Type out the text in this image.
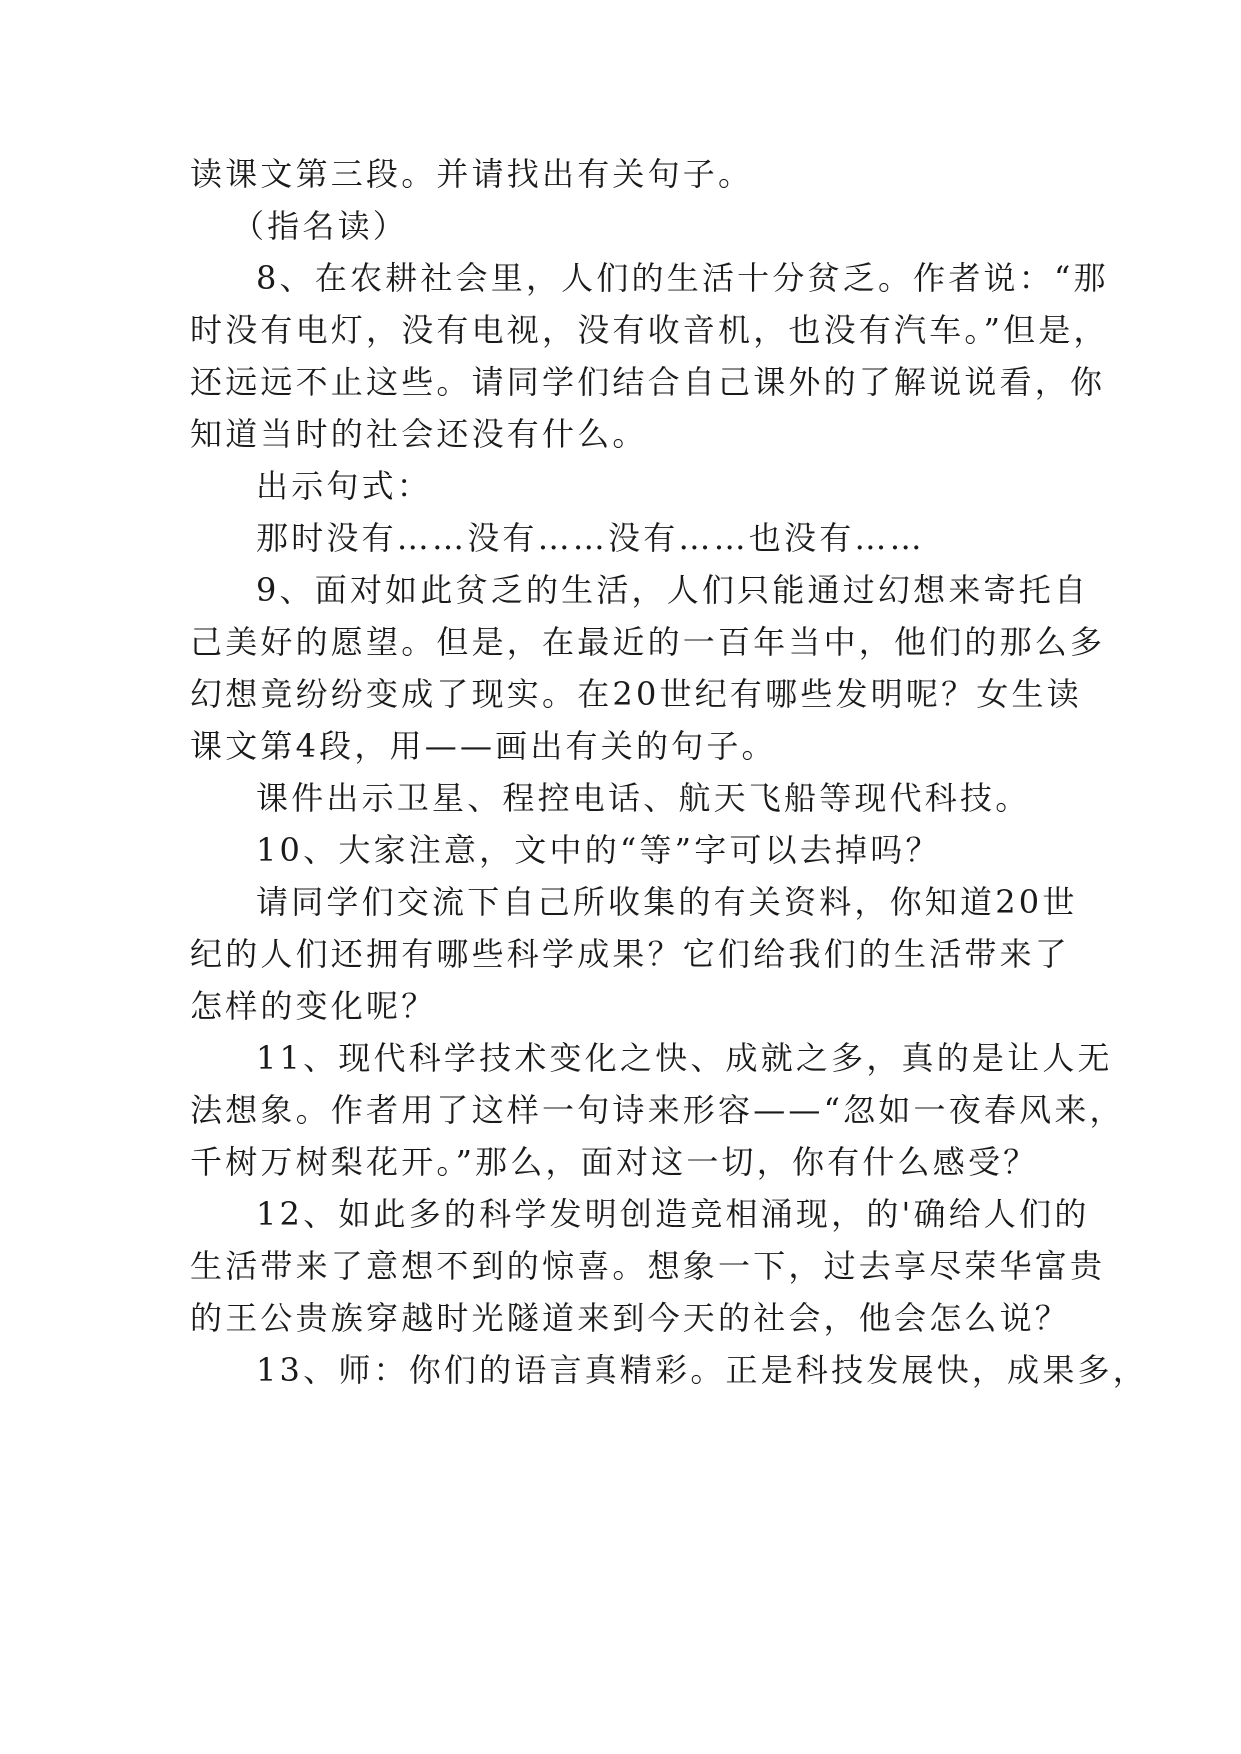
读课文第三段。并请找出有关句子。
（指名读）
8、在农耕社会里，人们的生活十分贫乏。作者说：“那
时没有电灯，没有电视，没有收音机，也没有汽车。”但是，
还远远不止这些。请同学们结合自己课外的了解说说看，你
知道当时的社会还没有什么。
出示句式：
那时没有……没有……没有……也没有……
9、面对如此贫乏的生活，人们只能通过幻想来寄托自
己美好的愿望。但是，在最近的一百年当中，他们的那么多
幻想竟纷纷变成了现实。在20世纪有哪些发明呢？女生读
课文第4段，用——画出有关的句子。
课件出示卫星、程控电话、航天飞船等现代科技。
10、大家注意，文中的“等”字可以去掉吗？
请同学们交流下自己所收集的有关资料，你知道20世
纪的人们还拥有哪些科学成果？它们给我们的生活带来了
怎样的变化呢？
11、现代科学技术变化之快、成就之多，真的是让人无
法想象。作者用了这样一句诗来形容——“忽如一夜春风来，
千树万树梨花开。”那么，面对这一切，你有什么感受？
12、如此多的科学发明创造竞相涌现，的'确给人们的
生活带来了意想不到的惊喜。想象一下，过去享尽荣华富贵
的王公贵族穿越时光隧道来到今天的社会，他会怎么说？
13、师：你们的语言真精彩。正是科技发展快，成果多，
